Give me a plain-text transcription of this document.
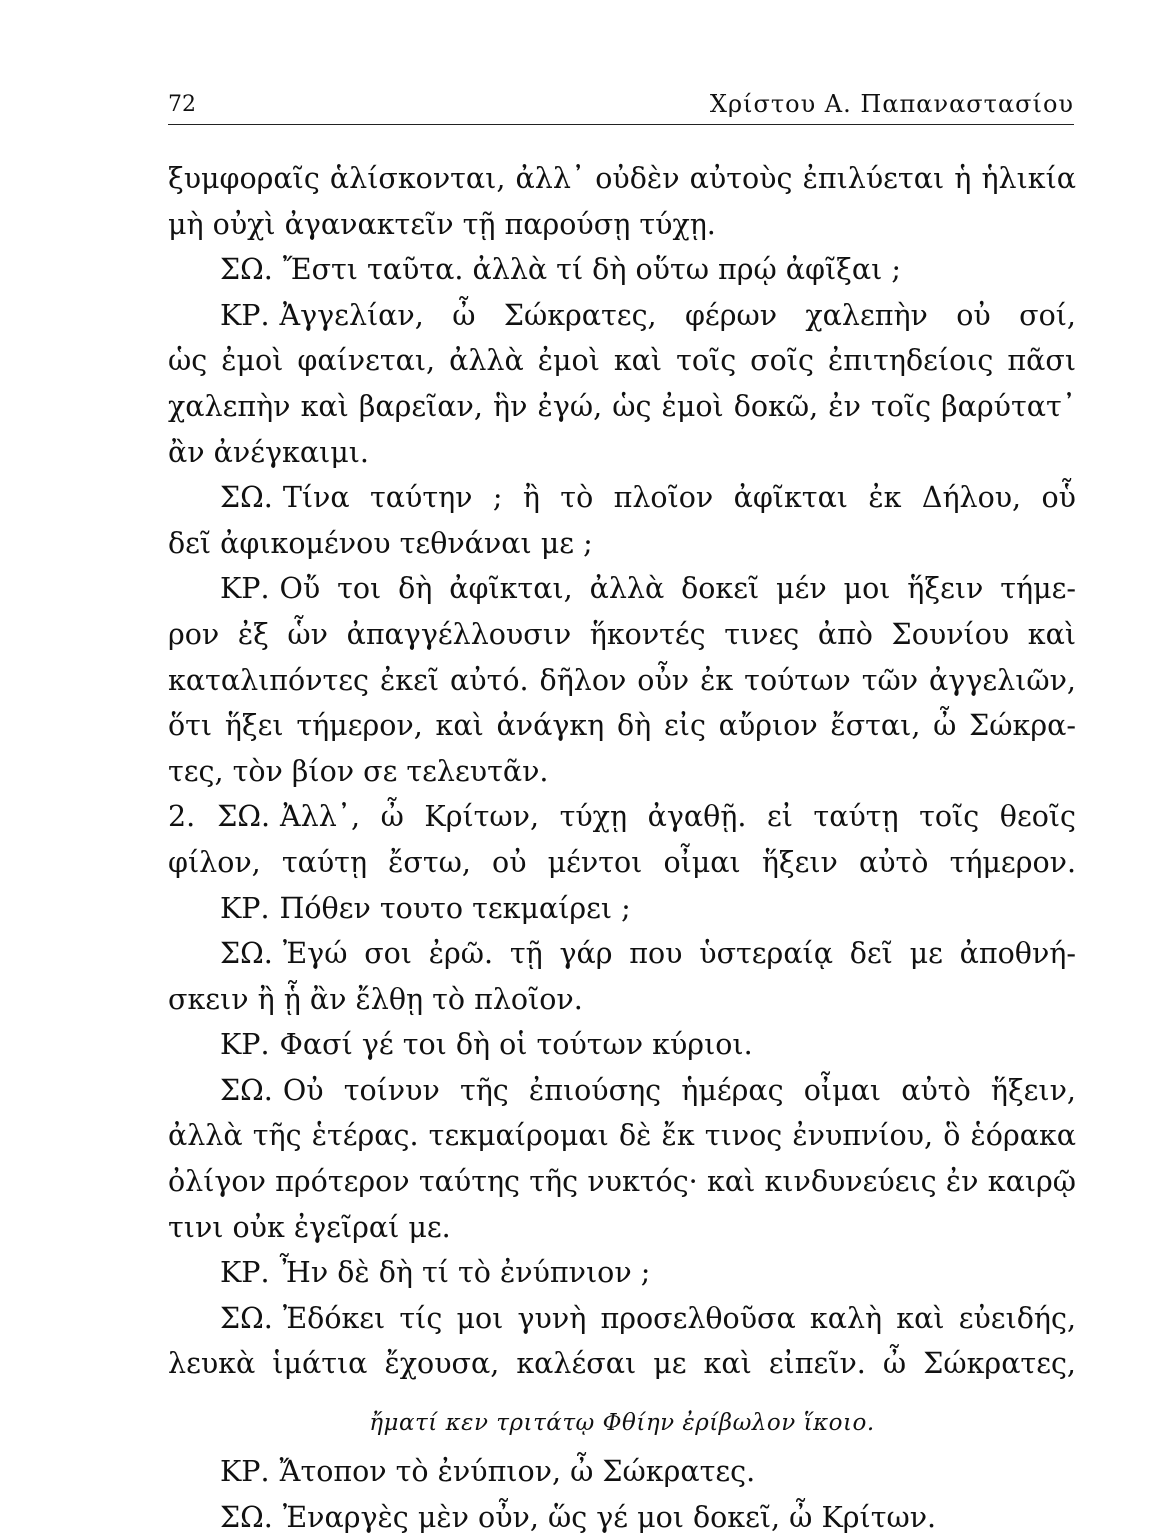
72	Χρίστου Α. Παπαναστασίου
ξυμφοραῖς ἁλίσκονται, ἀλλ᾽ οὐδὲν αὐτοὺς ἐπιλύεται ἡ ἡλικία
μὴ οὐχὶ ἀγανακτεῖν τῇ παρούσῃ τύχῃ.
ΣΩ. Ἔστι ταῦτα. ἀλλὰ τί δὴ οὕτω πρῴ ἀφῖξαι ;
ΚΡ. Ἀγγελίαν, ὦ Σώκρατες, φέρων χαλεπὴν οὐ σοί,
ὡς ἐμοὶ φαίνεται, ἀλλὰ ἐμοὶ καὶ τοῖς σοῖς ἐπιτηδείοις πᾶσι
χαλεπὴν καὶ βαρεῖαν, ἣν ἐγώ, ὡς ἐμοὶ δοκῶ, ἐν τοῖς βαρύτατ᾽
ἂν ἀνέγκαιμι.
ΣΩ. Τίνα ταύτην ; ἢ τὸ πλοῖον ἀφῖκται ἐκ Δήλου, οὗ
δεῖ ἀφικομένου τεθνάναι με ;
ΚΡ. Οὔ τοι δὴ ἀφῖκται, ἀλλὰ δοκεῖ μέν μοι ἥξειν τήμε-
ρον ἐξ ὧν ἀπαγγέλλουσιν ἥκοντές τινες ἀπὸ Σουνίου καὶ
καταλιπόντες ἐκεῖ αὐτό. δῆλον οὖν ἐκ τούτων τῶν ἀγγελιῶν,
ὅτι ἥξει τήμερον, καὶ ἀνάγκη δὴ εἰς αὔριον ἔσται, ὦ Σώκρα-
τες, τὸν βίον σε τελευτᾶν.
2. ΣΩ. Ἀλλ᾽, ὦ Κρίτων, τύχῃ ἀγαθῇ. εἰ ταύτῃ τοῖς θεοῖς
φίλον, ταύτῃ ἔστω, οὐ μέντοι οἶμαι ἥξειν αὐτὸ τήμερον.
ΚΡ. Πόθεν τουτο τεκμαίρει ;
ΣΩ. Ἐγώ σοι ἐρῶ. τῇ γάρ που ὑστεραίᾳ δεῖ με ἀποθνή-
σκειν ἢ ᾗ ἂν ἔλθῃ τὸ πλοῖον.
ΚΡ. Φασί γέ τοι δὴ οἱ τούτων κύριοι.
ΣΩ. Οὐ τοίνυν τῆς ἐπιούσης ἡμέρας οἶμαι αὐτὸ ἥξειν,
ἀλλὰ τῆς ἑτέρας. τεκμαίρομαι δὲ ἔκ τινος ἐνυπνίου, ὃ ἑόρακα
ὀλίγον πρότερον ταύτης τῆς νυκτός· καὶ κινδυνεύεις ἐν καιρῷ
τινι οὐκ ἐγεῖραί με.
ΚΡ. Ἦν δὲ δὴ τί τὸ ἐνύπνιον ;
ΣΩ. Ἐδόκει τίς μοι γυνὴ προσελθοῦσα καλὴ καὶ εὐειδής,
λευκὰ ἱμάτια ἔχουσα, καλέσαι με καὶ εἰπεῖν. ὦ Σώκρατες,
ἤματί κεν τριτάτῳ Φθίην ἐρίβωλον ἵκοιο.
ΚΡ. Ἄτοπον τὸ ἐνύπιον, ὦ Σώκρατες.
ΣΩ. Ἐναργὲς μὲν οὖν, ὥς γέ μοι δοκεῖ, ὦ Κρίτων.
